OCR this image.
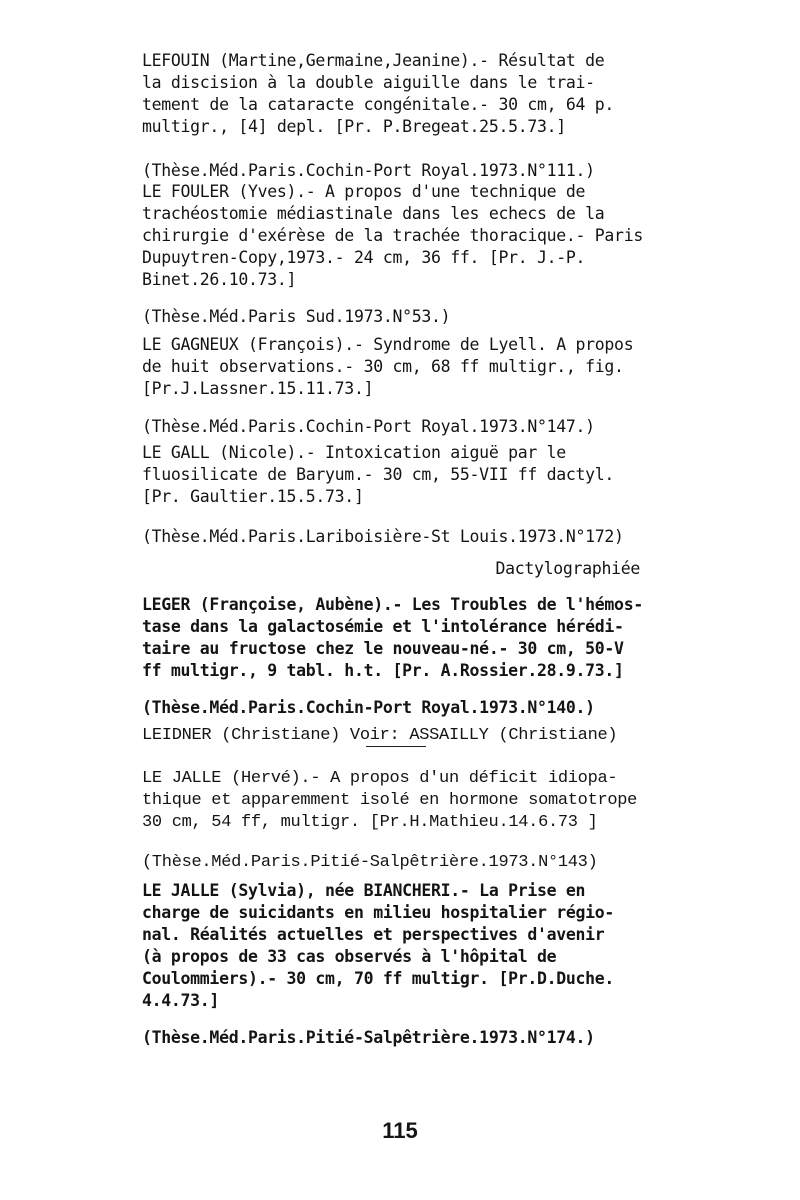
LEFOUIN (Martine,Germaine,Jeanine).- Résultat de
la discision à la double aiguille dans le trai-
tement de la cataracte congénitale.- 30 cm, 64 p.
multigr., [4] depl. [Pr. P.Bregeat.25.5.73.]
(Thèse.Méd.Paris.Cochin-Port Royal.1973.N°111.)
LE FOULER (Yves).- A propos d'une technique de
trachéostomie médiastinale dans les echecs de la
chirurgie d'exérèse de la trachée thoracique.- Paris
Dupuytren-Copy,1973.- 24 cm, 36 ff. [Pr. J.-P.
Binet.26.10.73.]
(Thèse.Méd.Paris Sud.1973.N°53.)
LE GAGNEUX (François).- Syndrome de Lyell. A propos
de huit observations.- 30 cm, 68 ff multigr., fig.
[Pr.J.Lassner.15.11.73.]
(Thèse.Méd.Paris.Cochin-Port Royal.1973.N°147.)
LE GALL (Nicole).- Intoxication aiguë par le
fluosilicate de Baryum.- 30 cm, 55-VII ff dactyl.
[Pr. Gaultier.15.5.73.]
(Thèse.Méd.Paris.Lariboisière-St Louis.1973.N°172)
Dactylographiée
LEGER (Françoise, Aubène).- Les Troubles de l'hémos-
tase dans la galactosémie et l'intolérance hérédi-
taire au fructose chez le nouveau-né.- 30 cm, 50-V
ff multigr., 9 tabl. h.t. [Pr. A.Rossier.28.9.73.]
(Thèse.Méd.Paris.Cochin-Port Royal.1973.N°140.)
LEIDNER (Christiane) Voir: ASSAILLY (Christiane)
LE JALLE (Hervé).- A propos d'un déficit idiopa-
thique et apparemment isolé en hormone somatotrope
30 cm, 54 ff, multigr. [Pr.H.Mathieu.14.6.73 ]
(Thèse.Méd.Paris.Pitié-Salpêtrière.1973.N°143)
LE JALLE (Sylvia), née BIANCHERI.- La Prise en
charge de suicidants en milieu hospitalier régio-
nal. Réalités actuelles et perspectives d'avenir
(à propos de 33 cas observés à l'hôpital de
Coulommiers).- 30 cm, 70 ff multigr. [Pr.D.Duche.
4.4.73.]
(Thèse.Méd.Paris.Pitié-Salpêtrière.1973.N°174.)
115
